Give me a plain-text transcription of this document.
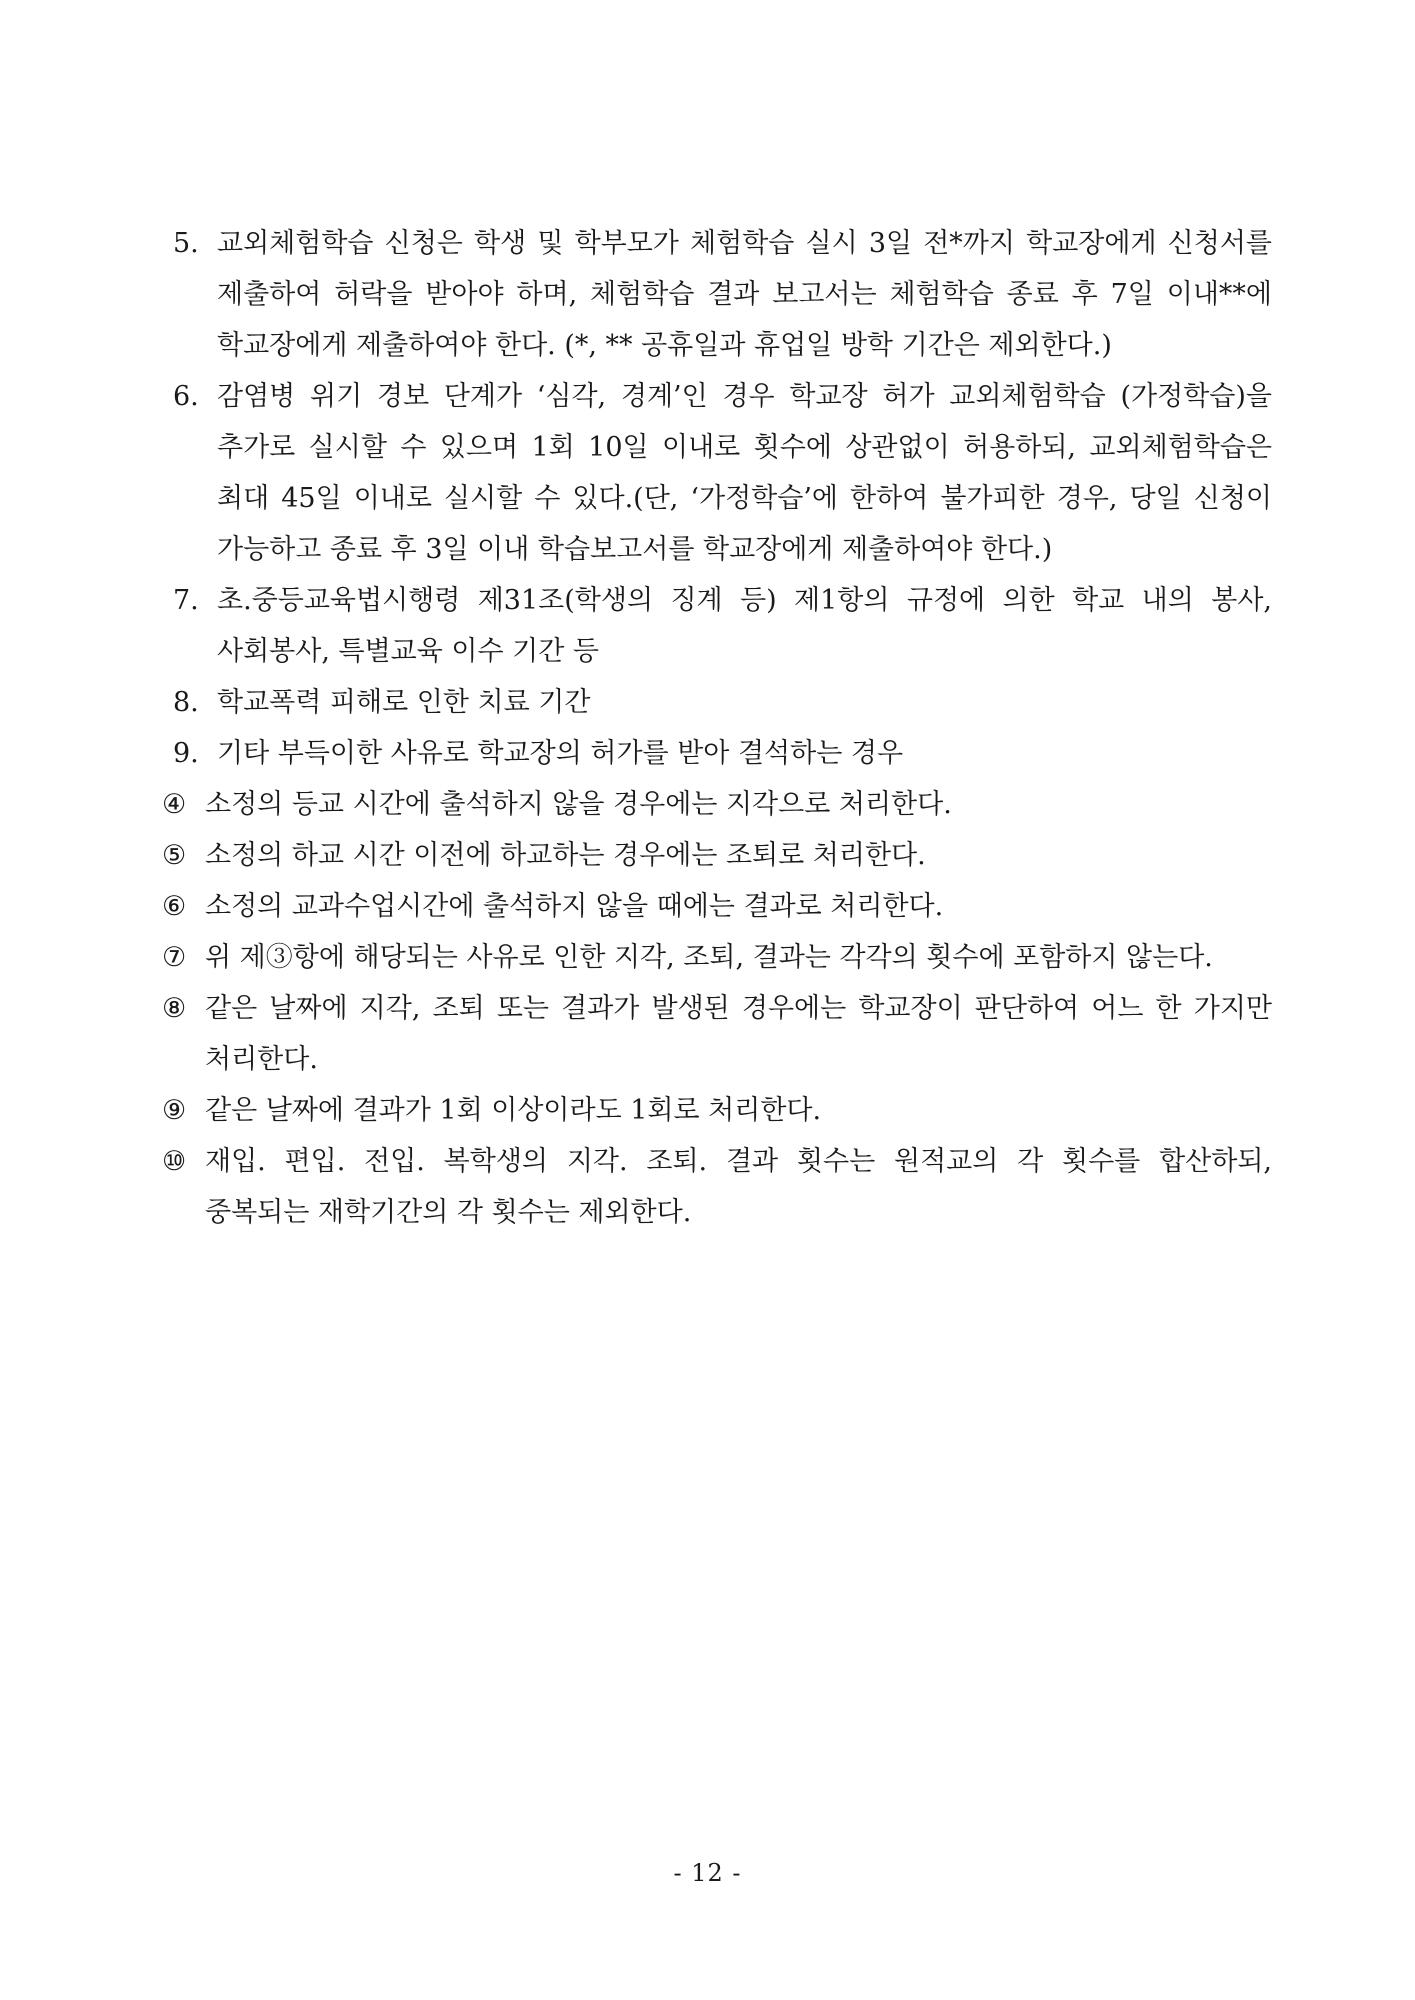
5. 교외체험학습 신청은 학생 및 학부모가 체험학습 실시 3일 전*까지 학교장에게 신청서를 제출하여 허락을 받아야 하며, 체험학습 결과 보고서는 체험학습 종료 후 7일 이내**에 학교장에게 제출하여야 한다. (*, ** 공휴일과 휴업일 방학 기간은 제외한다.)
6. 감염병 위기 경보 단계가 ‘심각, 경계’인 경우 학교장 허가 교외체험학습 (가정학습)을 추가로 실시할 수 있으며 1회 10일 이내로 횟수에 상관없이 허용하되, 교외체험학습은 최대 45일 이내로 실시할 수 있다.(단, ‘가정학습’에 한하여 불가피한 경우, 당일 신청이 가능하고 종료 후 3일 이내 학습보고서를 학교장에게 제출하여야 한다.)
7. 초.중등교육법시행령 제31조(학생의 징계 등) 제1항의 규정에 의한 학교 내의 봉사, 사회봉사, 특별교육 이수 기간 등
8. 학교폭력 피해로 인한 치료 기간
9. 기타 부득이한 사유로 학교장의 허가를 받아 결석하는 경우
④ 소정의 등교 시간에 출석하지 않을 경우에는 지각으로 처리한다.
⑤ 소정의 하교 시간 이전에 하교하는 경우에는 조퇴로 처리한다.
⑥ 소정의 교과수업시간에 출석하지 않을 때에는 결과로 처리한다.
⑦ 위 제③항에 해당되는 사유로 인한 지각, 조퇴, 결과는 각각의 횟수에 포함하지 않는다.
⑧ 같은 날짜에 지각, 조퇴 또는 결과가 발생된 경우에는 학교장이 판단하여 어느 한 가지만 처리한다.
⑨ 같은 날짜에 결과가 1회 이상이라도 1회로 처리한다.
⑩ 재입. 편입. 전입. 복학생의 지각. 조퇴. 결과 횟수는 원적교의 각 횟수를 합산하되, 중복되는 재학기간의 각 횟수는 제외한다.
- 12 -
